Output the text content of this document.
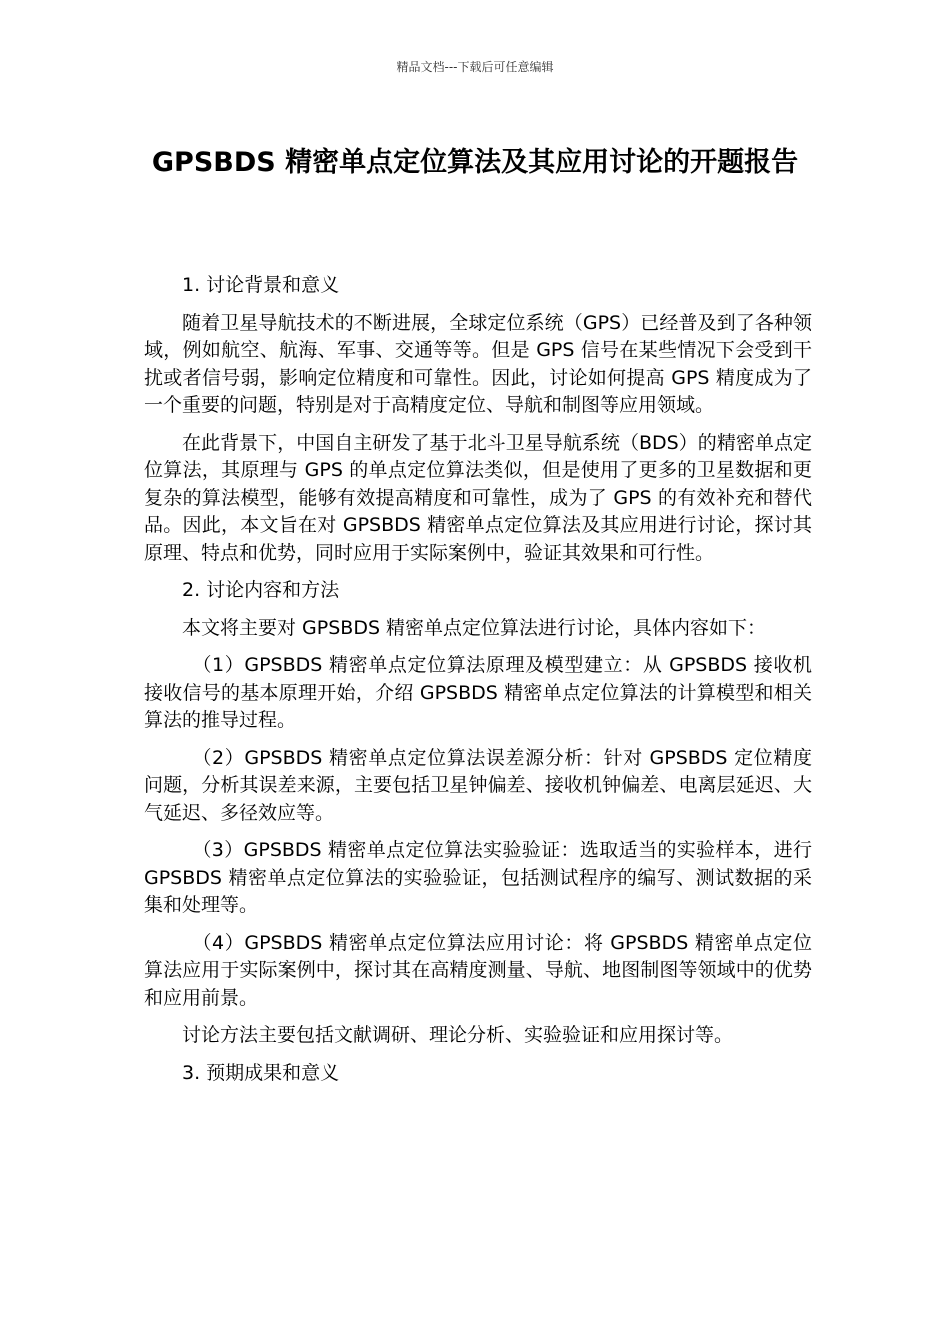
精品文档---下载后可任意编辑
GPSBDS 精密单点定位算法及其应用讨论的开题报告

1. 讨论背景和意义

随着卫星导航技术的不断进展，全球定位系统（GPS）已经普及到了各种领域，例如航空、航海、军事、交通等等。但是 GPS 信号在某些情况下会受到干扰或者信号弱，影响定位精度和可靠性。因此，讨论如何提高 GPS 精度成为了一个重要的问题，特别是对于高精度定位、导航和制图等应用领域。

在此背景下，中国自主研发了基于北斗卫星导航系统（BDS）的精密单点定位算法，其原理与 GPS 的单点定位算法类似，但是使用了更多的卫星数据和更复杂的算法模型，能够有效提高精度和可靠性，成为了 GPS 的有效补充和替代品。因此，本文旨在对 GPSBDS 精密单点定位算法及其应用进行讨论，探讨其原理、特点和优势，同时应用于实际案例中，验证其效果和可行性。

2. 讨论内容和方法

本文将主要对 GPSBDS 精密单点定位算法进行讨论，具体内容如下：

（1）GPSBDS 精密单点定位算法原理及模型建立：从 GPSBDS 接收机接收信号的基本原理开始，介绍 GPSBDS 精密单点定位算法的计算模型和相关算法的推导过程。

（2）GPSBDS 精密单点定位算法误差源分析：针对 GPSBDS 定位精度问题，分析其误差来源，主要包括卫星钟偏差、接收机钟偏差、电离层延迟、大气延迟、多径效应等。

（3）GPSBDS 精密单点定位算法实验验证：选取适当的实验样本，进行 GPSBDS 精密单点定位算法的实验验证，包括测试程序的编写、测试数据的采集和处理等。

（4）GPSBDS 精密单点定位算法应用讨论：将 GPSBDS 精密单点定位算法应用于实际案例中，探讨其在高精度测量、导航、地图制图等领域中的优势和应用前景。

讨论方法主要包括文献调研、理论分析、实验验证和应用探讨等。

3. 预期成果和意义
